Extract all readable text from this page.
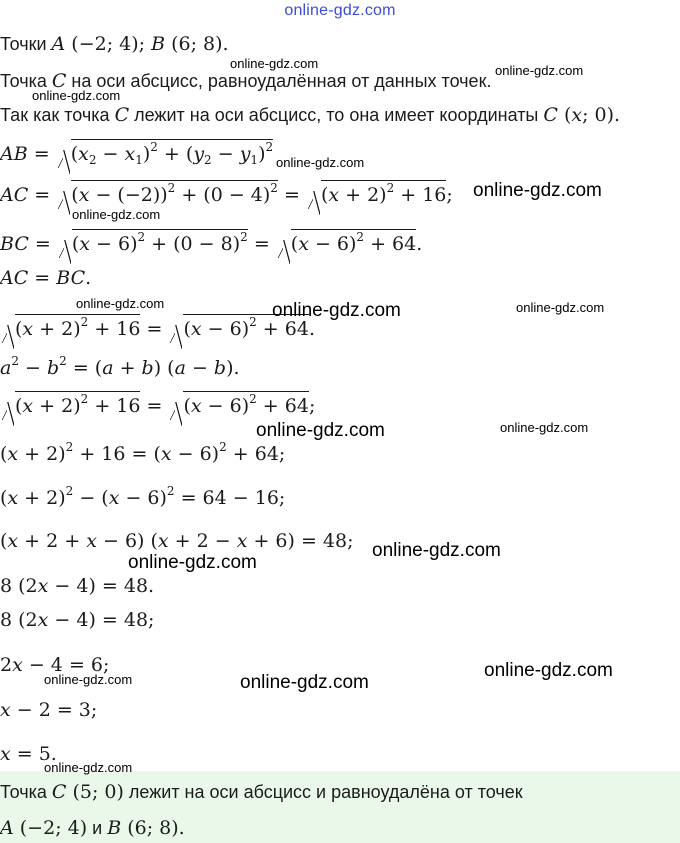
online-gdz.com
Точки A (−2; 4); B (6; 8).
Точка C на оси абсцисс, равноудалённая от данных точек.
Так как точка C лежит на оси абсцисс, то она имеет координаты C (x; 0).
AB = $(x_2 - x_1)^2 + (y_2 - y_1)^2$
AC = $(x - (-2))^2 + (0 - 4)^2 = (x + 2)^2 + 16$;
BC = $(x - 6)^2 + (0 - 8)^2 = (x - 6)^2 + 64$.
AC = BC.
$(x + 2)^2 + 16 = (x - 6)^2 + 64$.
$a^2 - b^2 = (a + b) (a - b)$.
$(x + 2)^2 + 16 = (x - 6)^2 + 64$;
$(x + 2)^2 + 16 = (x - 6)^2 + 64$;
$(x + 2)^2 - (x - 6)^2 = 64 - 16$;
(x + 2 + x − 6) (x + 2 − x + 6) = 48;
8 (2x − 4) = 48.
8 (2x − 4) = 48;
2x − 4 = 6;
x − 2 = 3;
x = 5.
Точка C (5; 0) лежит на оси абсцисс и равноудалёна от точек
A (−2; 4) и B (6; 8).
online-gdz.com	online-gdz.com
online-gdz.com
online-gdz.com
online-gdz.com
online-gdz.com
online-gdz.com	online-gdz.com	online-gdz.com
online-gdz.com	online-gdz.com
online-gdz.com
online-gdz.com
online-gdz.com
online-gdz.com	online-gdz.com
online-gdz.com
